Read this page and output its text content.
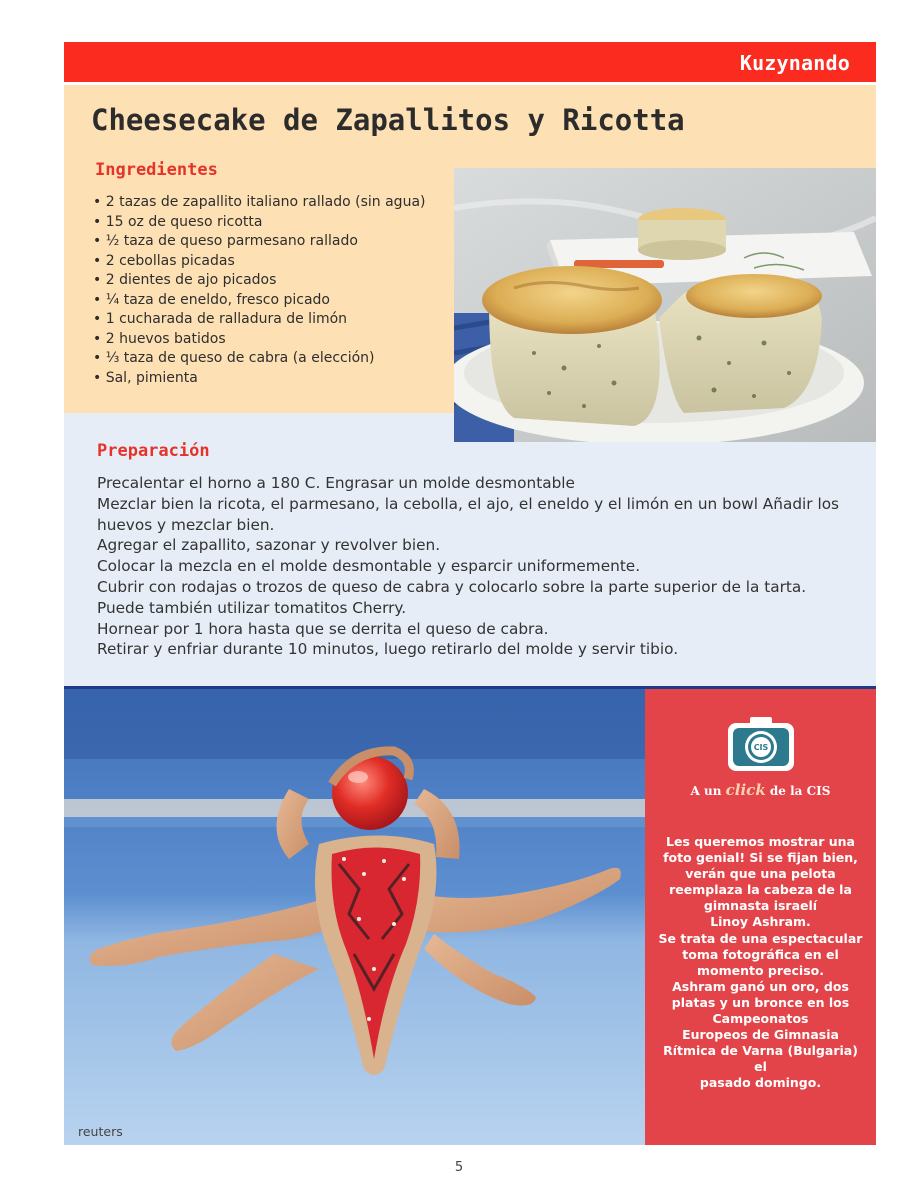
Kuzynando
Cheesecake de Zapallitos y Ricotta
Ingredientes
• 2 tazas de zapallito italiano rallado (sin agua)
• 15 oz de queso ricotta
• ½ taza de queso parmesano rallado
• 2 cebollas picadas
• 2 dientes de ajo picados
• ¼ taza de eneldo, fresco picado
• 1 cucharada de ralladura de limón
• 2 huevos batidos
• ⅓ taza de queso de cabra (a elección)
• Sal, pimienta
Preparación

Precalentar el horno a 180 C. Engrasar un molde desmontable

Mezclar bien la ricota, el parmesano, la cebolla, el ajo, el eneldo y el limón en un bowl Añadir los huevos y mezclar bien.

Agregar el zapallito, sazonar y revolver bien.

Colocar la mezcla en el molde desmontable y esparcir uniformemente.

Cubrir con rodajas o trozos de queso de cabra y colocarlo sobre la parte superior de la tarta. Puede también utilizar tomatitos Cherry.

Hornear por 1 hora hasta que se derrita el queso de cabra.

Retirar y enfriar durante 10 minutos, luego retirarlo del molde y servir tibio.

reuters
CIS
A un click de la CIS

Les queremos mostrar una
foto genial! Si se fijan bien,
verán que una pelota
reemplaza la cabeza de la
gimnasta israelí
Linoy Ashram.
Se trata de una espectacular
toma fotográfica en el
momento preciso.
Ashram ganó un oro, dos
platas y un bronce en los
Campeonatos
Europeos de Gimnasia
Rítmica de Varna (Bulgaria) el
pasado domingo.

5
